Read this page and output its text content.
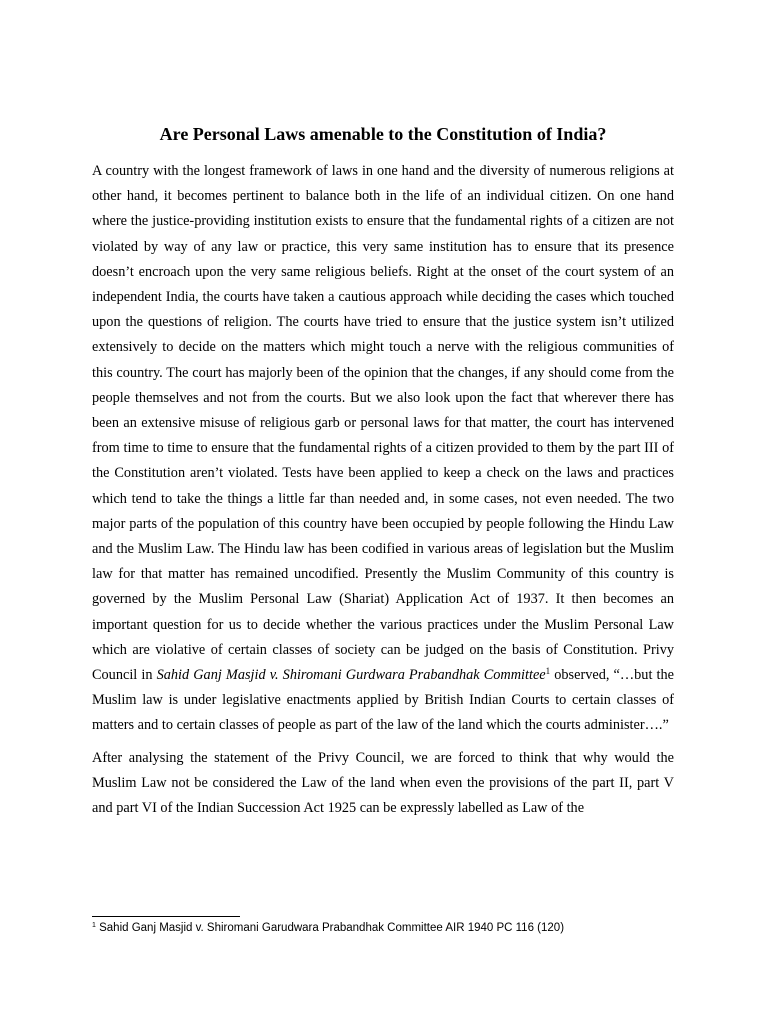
Are Personal Laws amenable to the Constitution of India?

A country with the longest framework of laws in one hand and the diversity of numerous religions at other hand, it becomes pertinent to balance both in the life of an individual citizen. On one hand where the justice-providing institution exists to ensure that the fundamental rights of a citizen are not violated by way of any law or practice, this very same institution has to ensure that its presence doesn’t encroach upon the very same religious beliefs. Right at the onset of the court system of an independent India, the courts have taken a cautious approach while deciding the cases which touched upon the questions of religion. The courts have tried to ensure that the justice system isn’t utilized extensively to decide on the matters which might touch a nerve with the religious communities of this country. The court has majorly been of the opinion that the changes, if any should come from the people themselves and not from the courts. But we also look upon the fact that wherever there has been an extensive misuse of religious garb or personal laws for that matter, the court has intervened from time to time to ensure that the fundamental rights of a citizen provided to them by the part III of the Constitution aren’t violated. Tests have been applied to keep a check on the laws and practices which tend to take the things a little far than needed and, in some cases, not even needed. The two major parts of the population of this country have been occupied by people following the Hindu Law and the Muslim Law. The Hindu law has been codified in various areas of legislation but the Muslim law for that matter has remained uncodified. Presently the Muslim Community of this country is governed by the Muslim Personal Law (Shariat) Application Act of 1937. It then becomes an important question for us to decide whether the various practices under the Muslim Personal Law which are violative of certain classes of society can be judged on the basis of Constitution. Privy Council in Sahid Ganj Masjid v. Shiromani Gurdwara Prabandhak Committee$^1$ observed, “…but the Muslim law is under legislative enactments applied by British Indian Courts to certain classes of matters and to certain classes of people as part of the law of the land which the courts administer….”

After analysing the statement of the Privy Council, we are forced to think that why would the Muslim Law not be considered the Law of the land when even the provisions of the part II, part V and part VI of the Indian Succession Act 1925 can be expressly labelled as Law of the

$^1$ Sahid Ganj Masjid v. Shiromani Garudwara Prabandhak Committee AIR 1940 PC 116 (120)
